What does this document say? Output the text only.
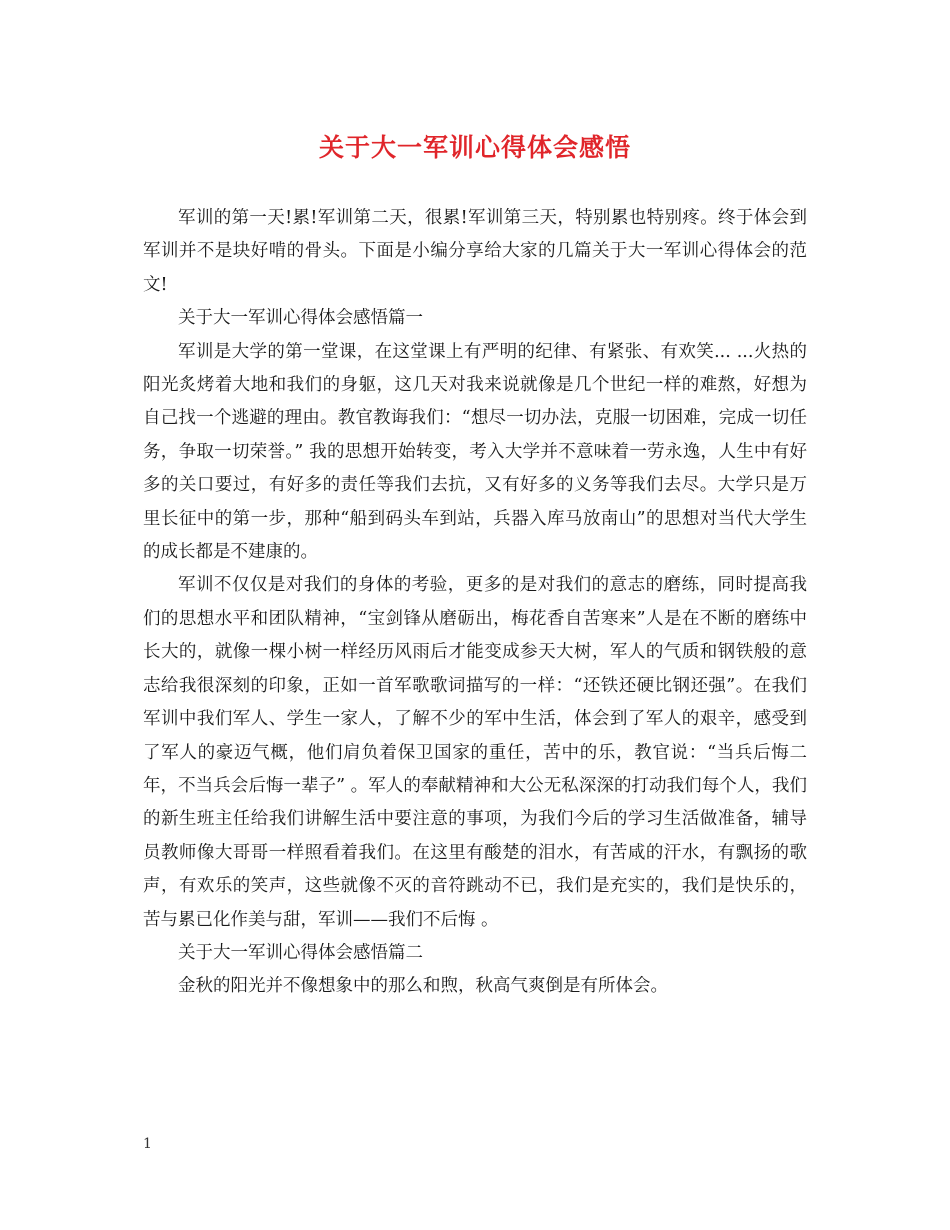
关于大一军训心得体会感悟

军训的第一天!累!军训第二天，很累!军训第三天，特别累也特别疼。终于体会到军训并不是块好啃的骨头。下面是小编分享给大家的几篇关于大一军训心得体会的范文!

关于大一军训心得体会感悟篇一

军训是大学的第一堂课，在这堂课上有严明的纪律、有紧张、有欢笑... ...火热的阳光炙烤着大地和我们的身躯，这几天对我来说就像是几个世纪一样的难熬，好想为自己找一个逃避的理由。教官教诲我们：“想尽一切办法，克服一切困难，完成一切任务，争取一切荣誉。” 我的思想开始转变，考入大学并不意味着一劳永逸，人生中有好多的关口要过，有好多的责任等我们去抗，又有好多的义务等我们去尽。大学只是万里长征中的第一步，那种“船到码头车到站，兵器入库马放南山”的思想对当代大学生的成长都是不建康的。

军训不仅仅是对我们的身体的考验，更多的是对我们的意志的磨练，同时提高我们的思想水平和团队精神，“宝剑锋从磨砺出，梅花香自苦寒来”人是在不断的磨练中长大的，就像一棵小树一样经历风雨后才能变成参天大树，军人的气质和钢铁般的意志给我很深刻的印象，正如一首军歌歌词描写的一样：“还铁还硬比钢还强”。在我们军训中我们军人、学生一家人，了解不少的军中生活，体会到了军人的艰辛，感受到了军人的豪迈气概，他们肩负着保卫国家的重任，苦中的乐，教官说：“当兵后悔二年，不当兵会后悔一辈子” 。军人的奉献精神和大公无私深深的打动我们每个人，我们的新生班主任给我们讲解生活中要注意的事项，为我们今后的学习生活做准备，辅导员教师像大哥哥一样照看着我们。在这里有酸楚的泪水，有苦咸的汗水，有飘扬的歌声，有欢乐的笑声，这些就像不灭的音符跳动不已，我们是充实的，我们是快乐的，苦与累已化作美与甜，军训——我们不后悔 。

关于大一军训心得体会感悟篇二

金秋的阳光并不像想象中的那么和煦，秋高气爽倒是有所体会。

1
